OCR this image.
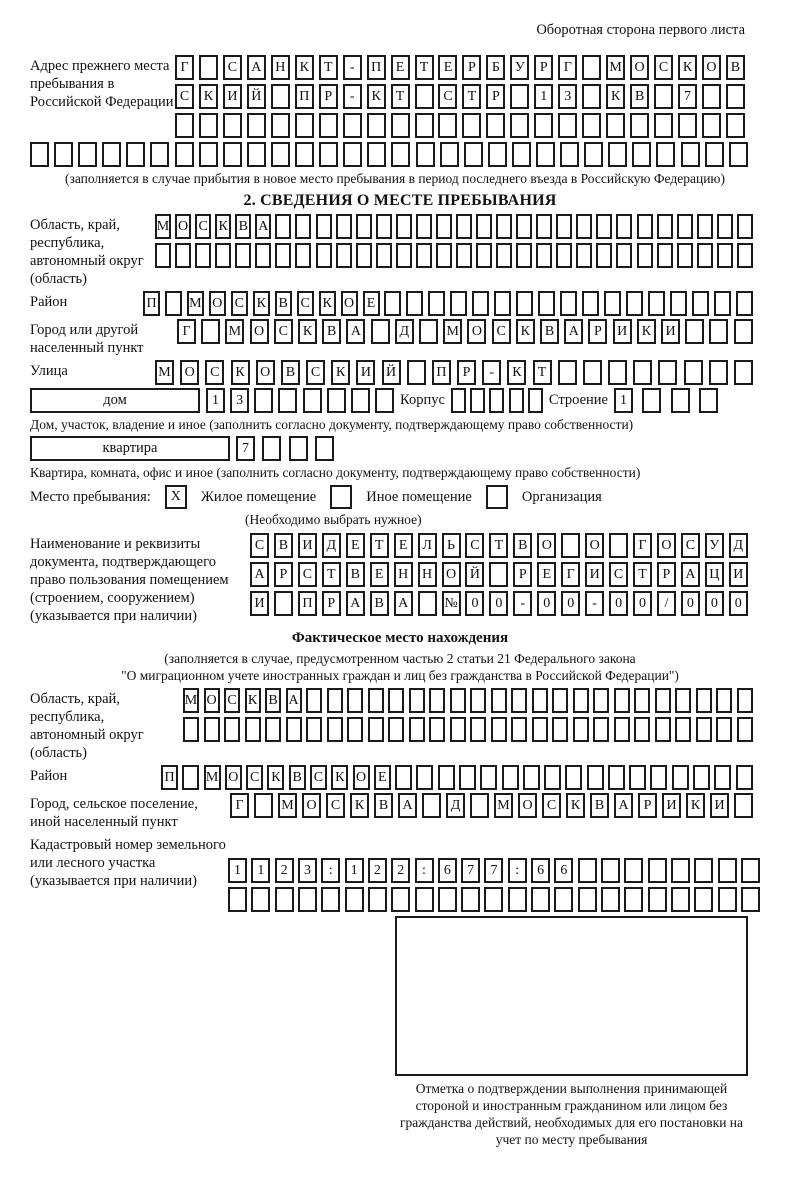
Оборотная сторона первого листа
Адрес прежнего места пребывания в Российской Федерации
Г	С	А Н	К	Т	-	П	Е	Т	Е	Р	Б	У	Р	Г	М О	С	К	О	В
С	К	И Й	П	Р	-	К	Т	С	Т	Р	1	3	К	В	7
(заполняется в случае прибытия в новое место пребывания в период последнего въезда в Российскую Федерацию)
2. СВЕДЕНИЯ О МЕСТЕ ПРЕБЫВАНИЯ
Область, край, республика, автономный округ (область)
М О С К В А
Район	П М О С К В С К О Е
Город или другой населенный пункт
Г	М О	С	К	В	А	Д	М О	С	К	В	А	Р	И	К	И
Улица	М О	С	К	О	В	С	К	И	Й	П	Р	-	К	Т
дом	1	3	Корпус	Строение 1
Дом, участок, владение и иное (заполнить согласно документу, подтверждающему право собственности)
квартира	7
Квартира, комната, офис и иное (заполнить согласно документу, подтверждающему право собственности)
Место пребывания:	X	Жилое помещение	Иное помещение	Организация
(Необходимо выбрать нужное)
Наименование и реквизиты документа, подтверждающего право пользования помещением (строением, сооружением) (указывается при наличии)
С	В	И	Д	Е	Т	Е	Л	Ь	С	Т	В	О	О	Г	О	С	У	Д
А	Р	С	Т	В	Е	Н Н О Й	Р	Е	Г	И	С	Т	Р	А Ц И
И	П	Р	А	В	А	№ 0	0	-	0	0	-	0	0	/	0	0	0
Фактическое место нахождения
(заполняется в случае, предусмотренном частью 2 статьи 21 Федерального закона
"О миграционном учете иностранных граждан и лиц без гражданства в Российской Федерации")
Область, край, республика, автономный округ (область)
М О С К В А
Район	П М О С К В С К О Е
Город, сельское поселение, иной населенный пункт
Г	М О	С	К	В	А	Д	М О	С	К	В	А	Р	И	К	И
Кадастровый номер земельного или лесного участка (указывается при наличии)
1	1	2	3	:	1	2	2	:	6	7	7	:	6	6
Отметка о подтверждении выполнения принимающей стороной и иностранным гражданином или лицом без гражданства действий, необходимых для его постановки на учет по месту пребывания
